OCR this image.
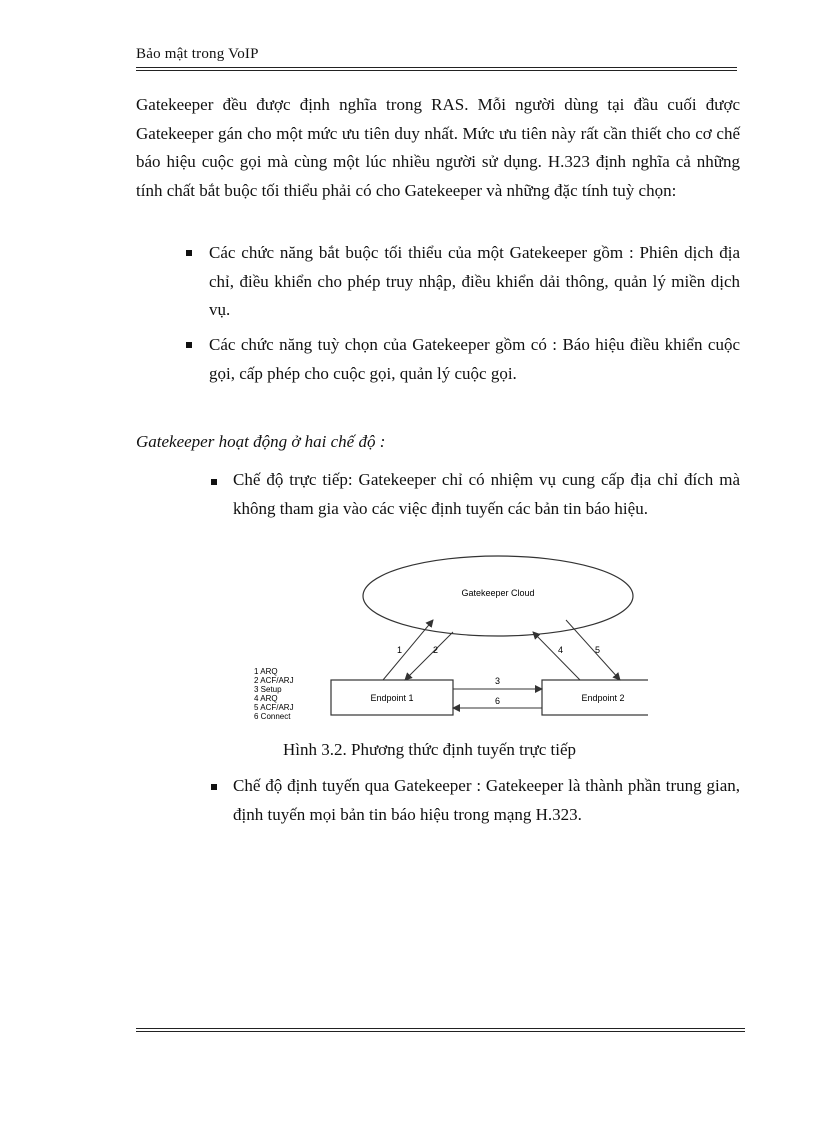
Bảo mật trong VoIP

Gatekeeper đều được định nghĩa trong RAS. Mỗi người dùng tại đầu cuối được Gatekeeper gán cho một mức ưu tiên duy nhất. Mức ưu tiên này rất cần thiết cho cơ chế báo hiệu cuộc gọi mà cùng một lúc nhiều người sử dụng. H.323 định nghĩa cả những tính chất bắt buộc tối thiểu phải có cho Gatekeeper và những đặc tính tuỳ chọn:

Các chức năng bắt buộc tối thiểu của một Gatekeeper gồm : Phiên dịch địa chỉ, điều khiển cho phép truy nhập, điều khiển dải thông, quản lý miền dịch vụ.

Các chức năng tuỳ chọn của Gatekeeper gồm có : Báo hiệu điều khiển cuộc gọi, cấp phép cho cuộc gọi, quản lý cuộc gọi.

Gatekeeper hoạt động ở hai chế độ :

Chế độ trực tiếp: Gatekeeper chỉ có nhiệm vụ cung cấp địa chỉ đích mà không tham gia vào các việc định tuyến các bản tin báo hiệu.

Gatekeeper Cloud
Endpoint 1	Endpoint 2
1	2
3
6
4	5
1 ARQ
2 ACF/ARJ
3 Setup
4 ARQ
5 ACF/ARJ
6 Connect
Hình 3.2. Phương thức định tuyến trực tiếp

Chế độ định tuyến qua Gatekeeper : Gatekeeper là thành phần trung gian, định tuyến mọi bản tin báo hiệu trong mạng H.323.
